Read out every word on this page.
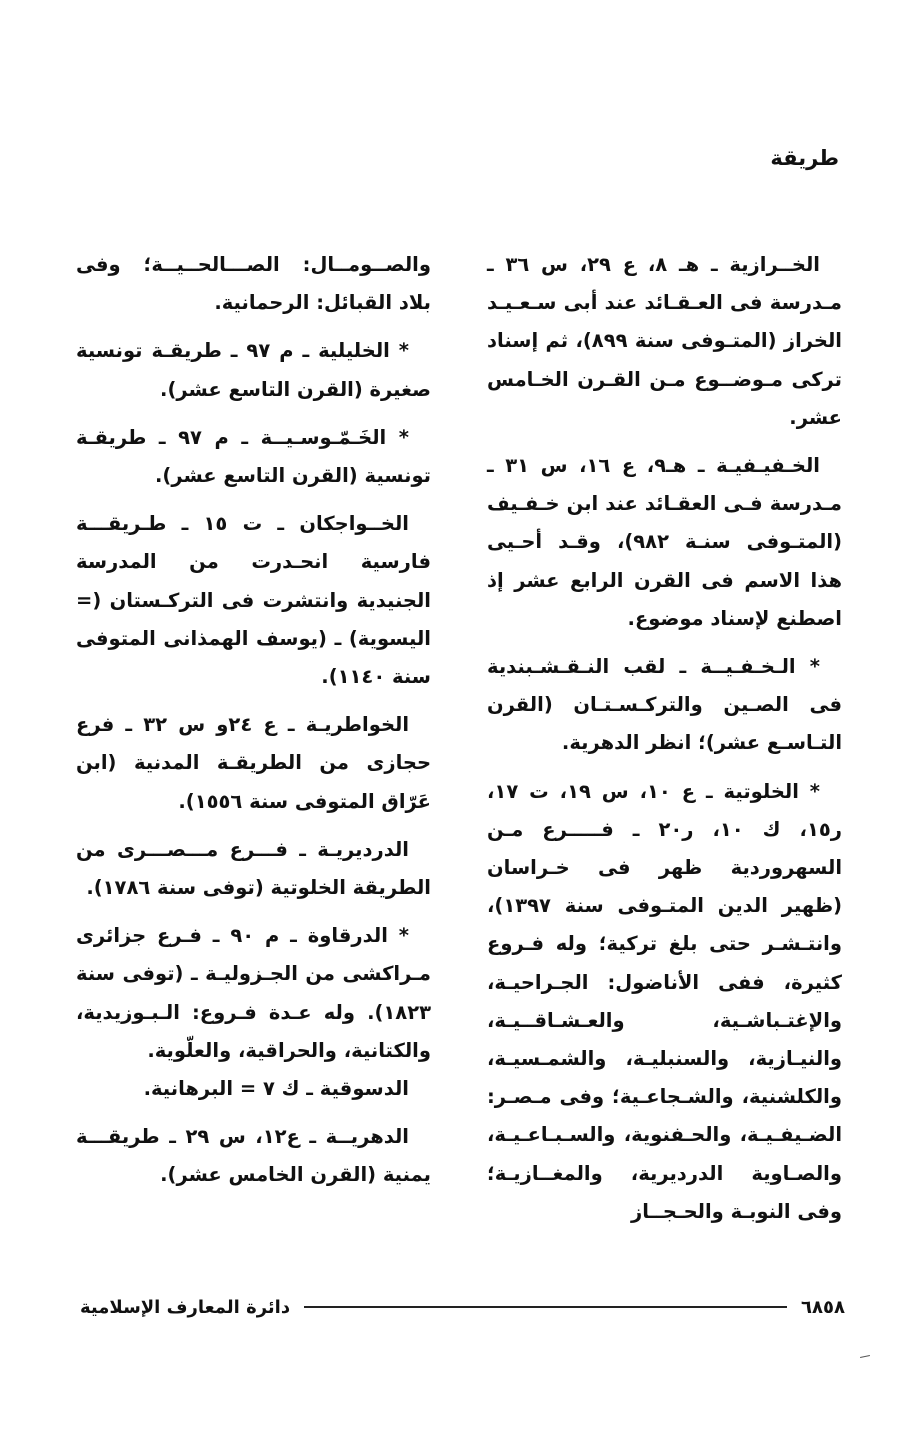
طريقة

الخــرازية ـ هـ ٨، ع ٢٩، س ٣٦ ـ مـدرسة فى العـقـائد عند أبى سـعـيـد الخراز (المتـوفى سنة ٨٩٩)، ثم إسناد تركى مـوضــوع مـن القـرن الخـامس عشر.

الخـفيـفيـة ـ هـ٩، ع ١٦، س ٣١ ـ مـدرسة فـى العقـائد عند ابن خـفـيف (المتـوفى سنـة ٩٨٢)، وقـد أحـيى هذا الاسم فى القرن الرابع عشر إذ اصطنع لإسناد موضوع.

* الـخـفـيــة ـ لقب النـقـشـبندية فى الصـين والتركـسـتـان (القرن التـاسـع عشر)؛ انظر الدهرية.

* الخلوتية ـ ع ١٠، س ١٩، ت ١٧، ر١٥، ك ١٠، ر٢٠ ـ فـــــرع مـن السهروردية ظهر فى خـراسان (ظهير الدين المتـوفى سنة ١٣٩٧)، وانتـشـر حتى بلغ تركية؛ وله فـروع كثيرة، ففى الأناضول: الجـراحيـة، والإغتـباشـية، والعـشـاقــيـة، والنيـازية، والسنبليـة، والشمـسيـة، والكلشنية، والشـجاعـية؛ وفى مـصـر: الضـيفـيـة، والحـفنوية، والسـبـاعـيـة، والصـاوية الدرديرية، والمغــازيـة؛ وفى النوبـة والحـجــاز

والصــومــال: الصـــالحــيــة؛ وفى بلاد القبائل: الرحمانية.

* الخليلية ـ م ٩٧ ـ طريقـة تونسية صغيرة (القرن التاسع عشر).

* الخَـمّـوسـيــة ـ م ٩٧ ـ طريقـة تونسية (القرن التاسع عشر).

الخــواجكان ـ ت ١٥ ـ طـريقـــة فارسية انحـدرت من المدرسة الجنيدية وانتشرت فى التركـستان (= اليسوية) ـ (يوسف الهمذانى المتوفى سنة ١١٤٠).

الخواطريـة ـ ع ٢٤و س ٣٢ ـ فرع حجازى من الطريقـة المدنية (ابن عَرّاق المتوفى سنة ١٥٥٦).

الدرديريـة ـ فـــرع مـــصـــرى من الطريقة الخلوتية (توفى سنة ١٧٨٦).

* الدرقاوة ـ م ٩٠ ـ فـرع جزائرى مـراكشى من الجـزوليـة ـ (توفى سنة ١٨٢٣). وله عـدة فـروع: الـبـوزيدية، والكتانية، والحراقية، والعلّوية.

الدسوقية ـ ك ٧ = البرهانية.

الدهريــة ـ ع١٢، س ٢٩ ـ طريقـــة يمنية (القرن الخامس عشر).

دائرة المعارف الإسلامية	٦٨٥٨
